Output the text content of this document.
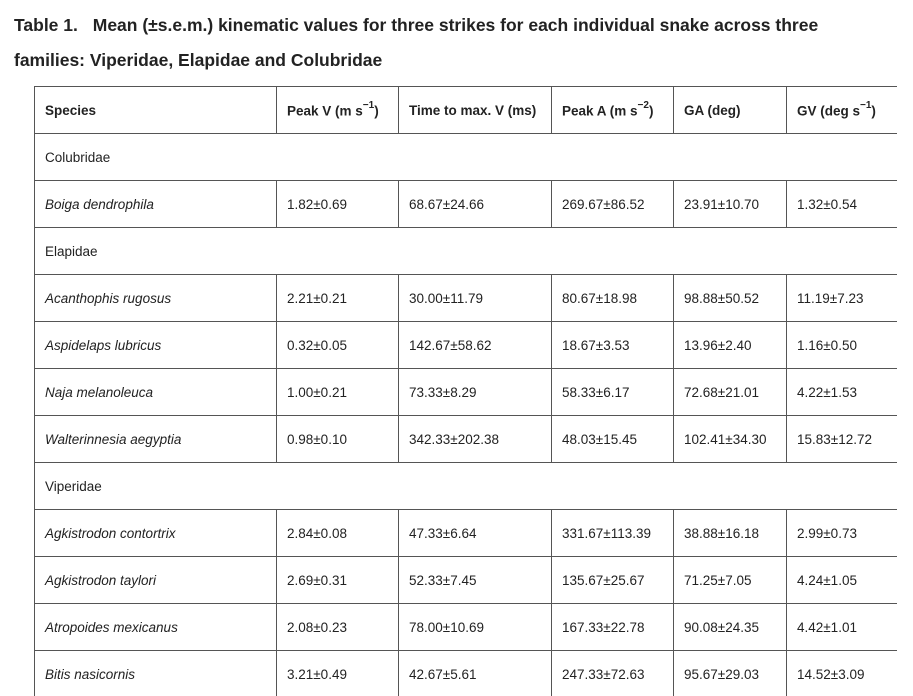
Table 1. Mean (±s.e.m.) kinematic values for three strikes for each individual snake across three families: Viperidae, Elapidae and Colubridae
Species	Peak V (m $s^{-1}$)	Time to max. V (ms)	Peak A (m $s^{-2}$)	GA (deg)	GV (deg $s^{-1}$)
Colubridae					
Boiga dendrophila	1.82±0.69	68.67±24.66	269.67±86.52	23.91±10.70	1.32±0.54
Elapidae					
Acanthophis rugosus	2.21±0.21	30.00±11.79	80.67±18.98	98.88±50.52	11.19±7.23
Aspidelaps lubricus	0.32±0.05	142.67±58.62	18.67±3.53	13.96±2.40	1.16±0.50
Naja melanoleuca	1.00±0.21	73.33±8.29	58.33±6.17	72.68±21.01	4.22±1.53
Walterinnesia aegyptia	0.98±0.10	342.33±202.38	48.03±15.45	102.41±34.30	15.83±12.72
Viperidae					
Agkistrodon contortrix	2.84±0.08	47.33±6.64	331.67±113.39	38.88±16.18	2.99±0.73
Agkistrodon taylori	2.69±0.31	52.33±7.45	135.67±25.67	71.25±7.05	4.24±1.05
Atropoides mexicanus	2.08±0.23	78.00±10.69	167.33±22.78	90.08±24.35	4.42±1.01
Bitis nasicornis	3.21±0.49	42.67±5.61	247.33±72.63	95.67±29.03	14.52±3.09
